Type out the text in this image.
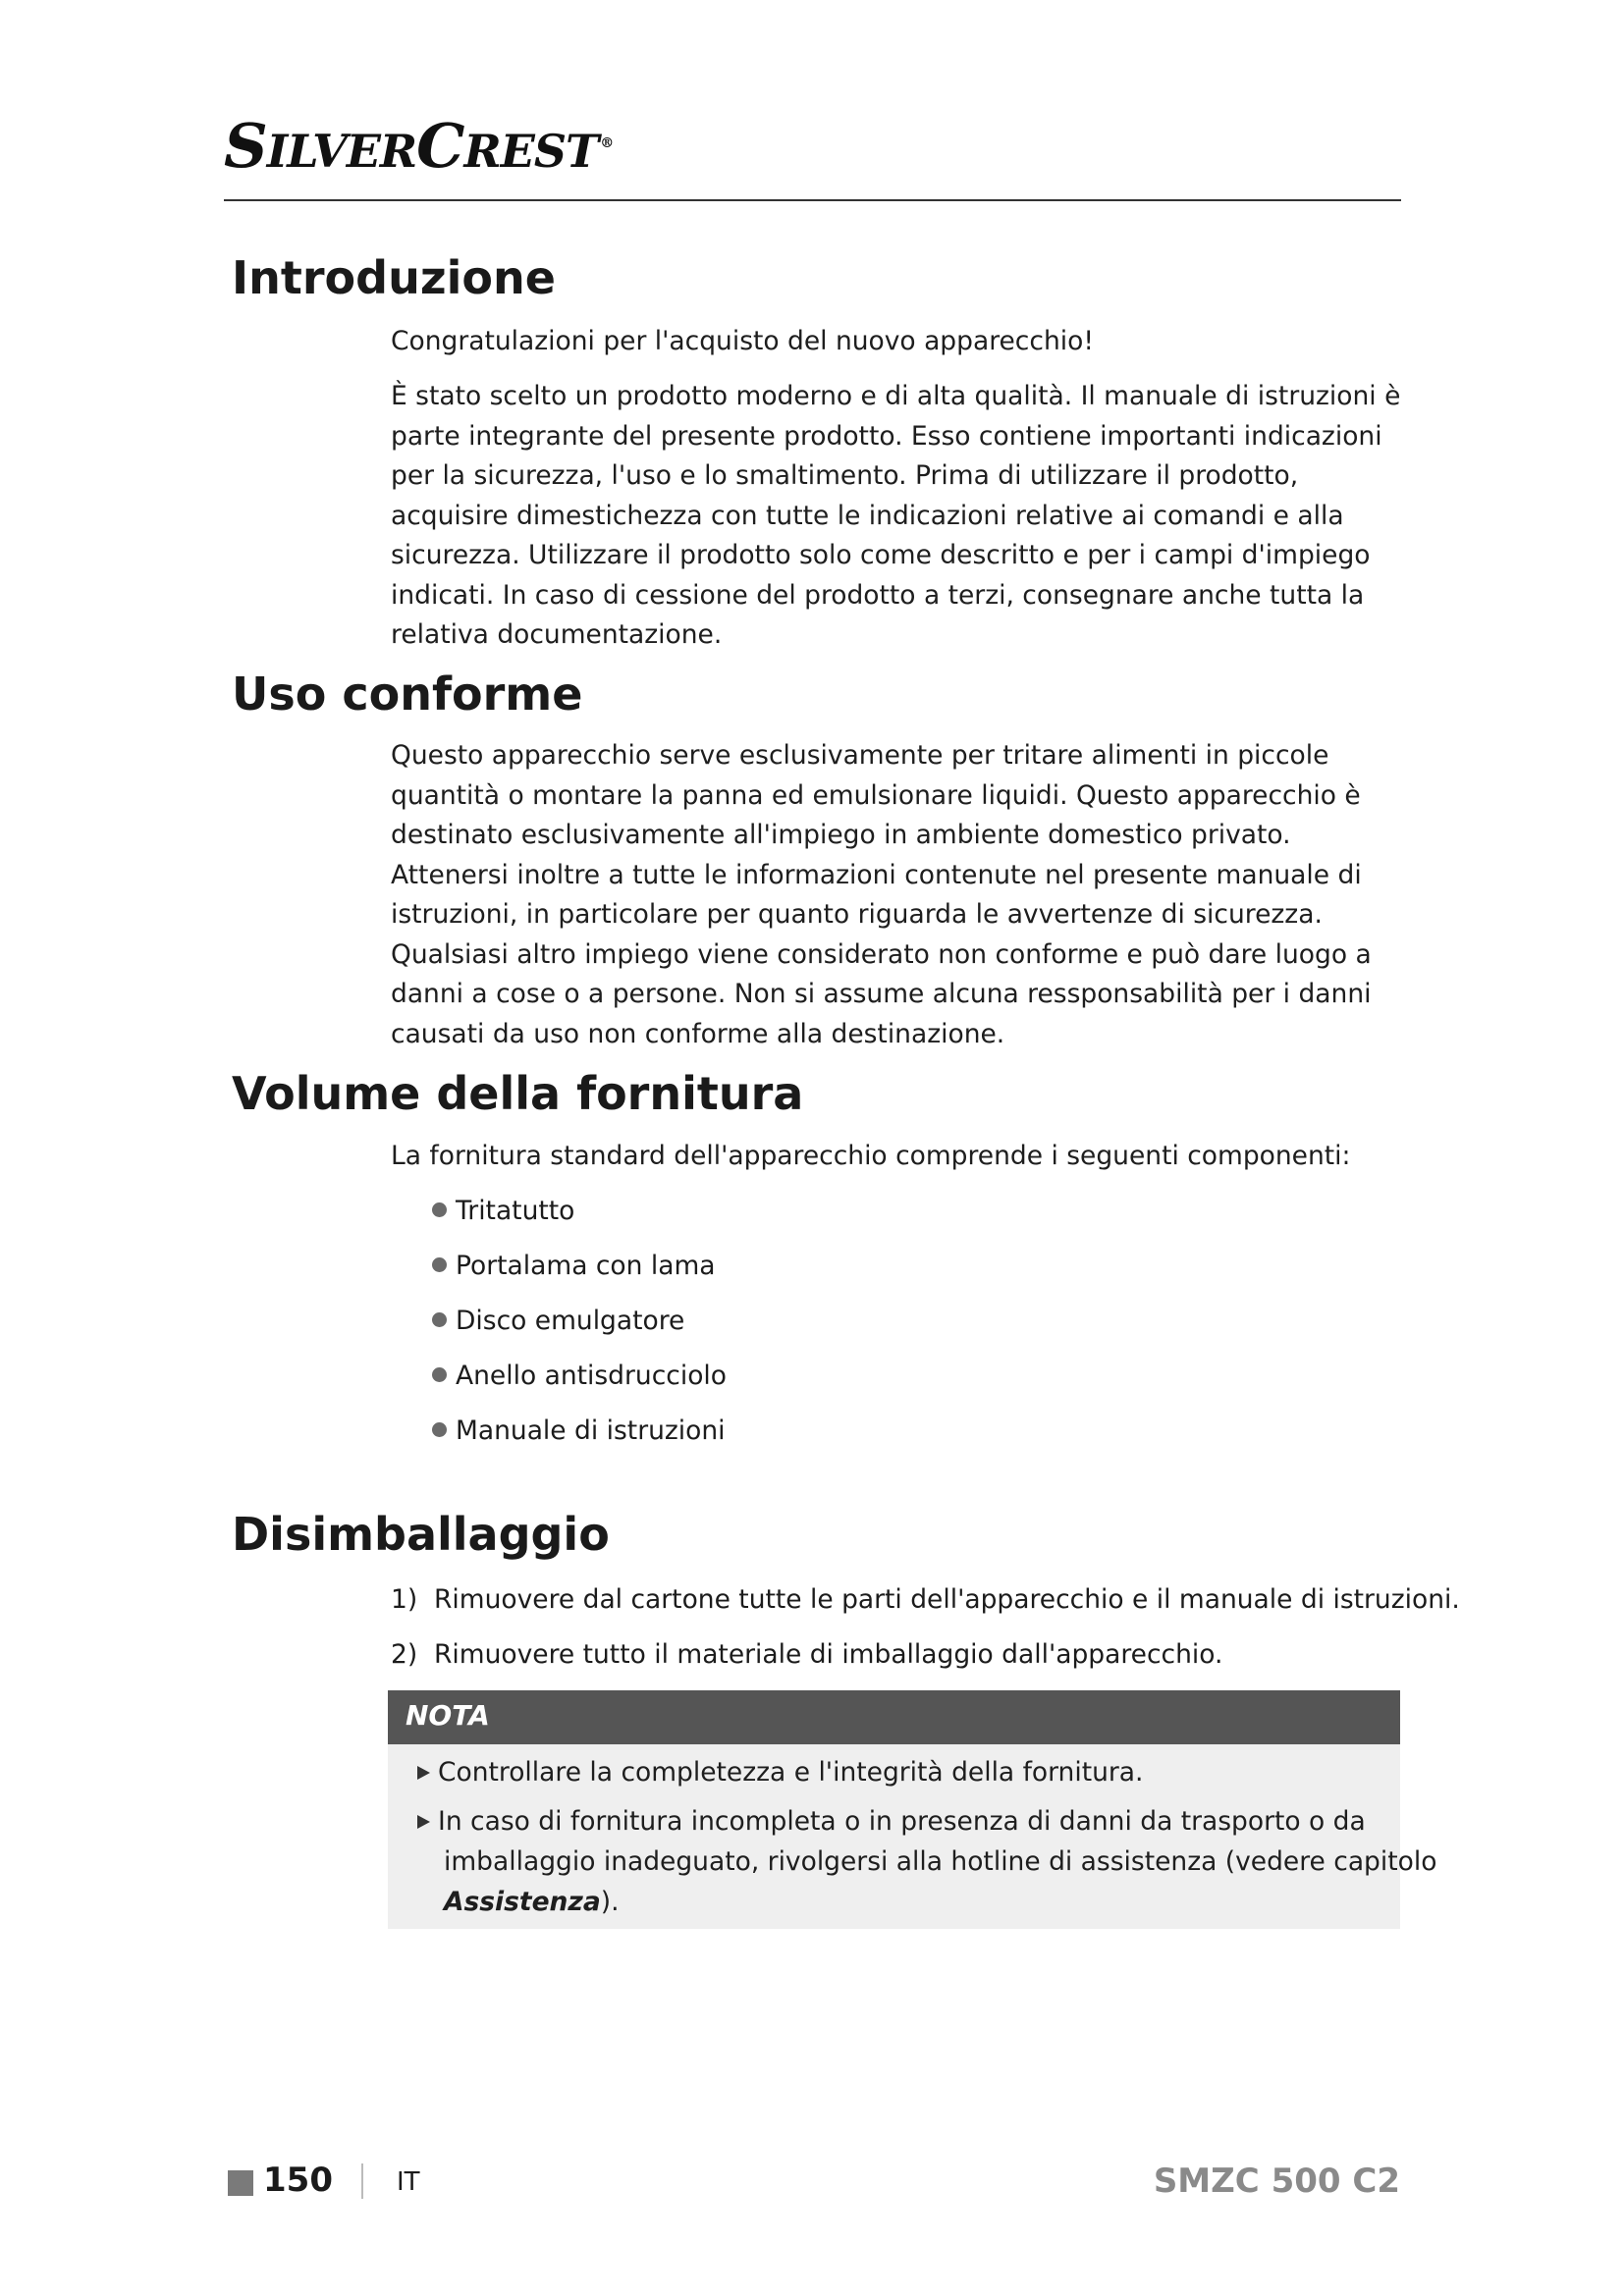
SILVERCREST ®
Introduzione

Congratulazioni per l'acquisto del nuovo apparecchio!

È stato scelto un prodotto moderno e di alta qualità. Il manuale di istruzioni è parte integrante del presente prodotto. Esso contiene importanti indicazioni per la sicurezza, l'uso e lo smaltimento. Prima di utilizzare il prodotto, acquisire dimestichezza con tutte le indicazioni relative ai comandi e alla sicurezza. Utilizzare il prodotto solo come descritto e per i campi d'impiego indicati. In caso di cessione del prodotto a terzi, consegnare anche tutta la relativa documentazione.

Uso conforme

Questo apparecchio serve esclusivamente per tritare alimenti in piccole quantità o montare la panna ed emulsionare liquidi. Questo apparecchio è destinato esclusivamente all'impiego in ambiente domestico privato. Attenersi inoltre a tutte le informazioni contenute nel presente manuale di istruzioni, in particolare per quanto riguarda le avvertenze di sicurezza. Qualsiasi altro impiego viene considerato non conforme e può dare luogo a danni a cose o a persone. Non si assume alcuna ressponsabilità per i danni causati da uso non conforme alla destinazione.

Volume della fornitura

La fornitura standard dell'apparecchio comprende i seguenti componenti:

Tritatutto
Portalama con lama
Disco emulgatore
Anello antisdrucciolo
Manuale di istruzioni
Disimballaggio
1) Rimuovere dal cartone tutte le parti dell'apparecchio e il manuale di istruzioni.
2) Rimuovere tutto il materiale di imballaggio dall'apparecchio.
NOTA
Controllare la completezza e l'integrità della fornitura.
In caso di fornitura incompleta o in presenza di danni da trasporto o da
imballaggio inadeguato, rivolgersi alla hotline di assistenza (vedere capitolo
Assistenza).
150	IT	SMZC 500 C2
